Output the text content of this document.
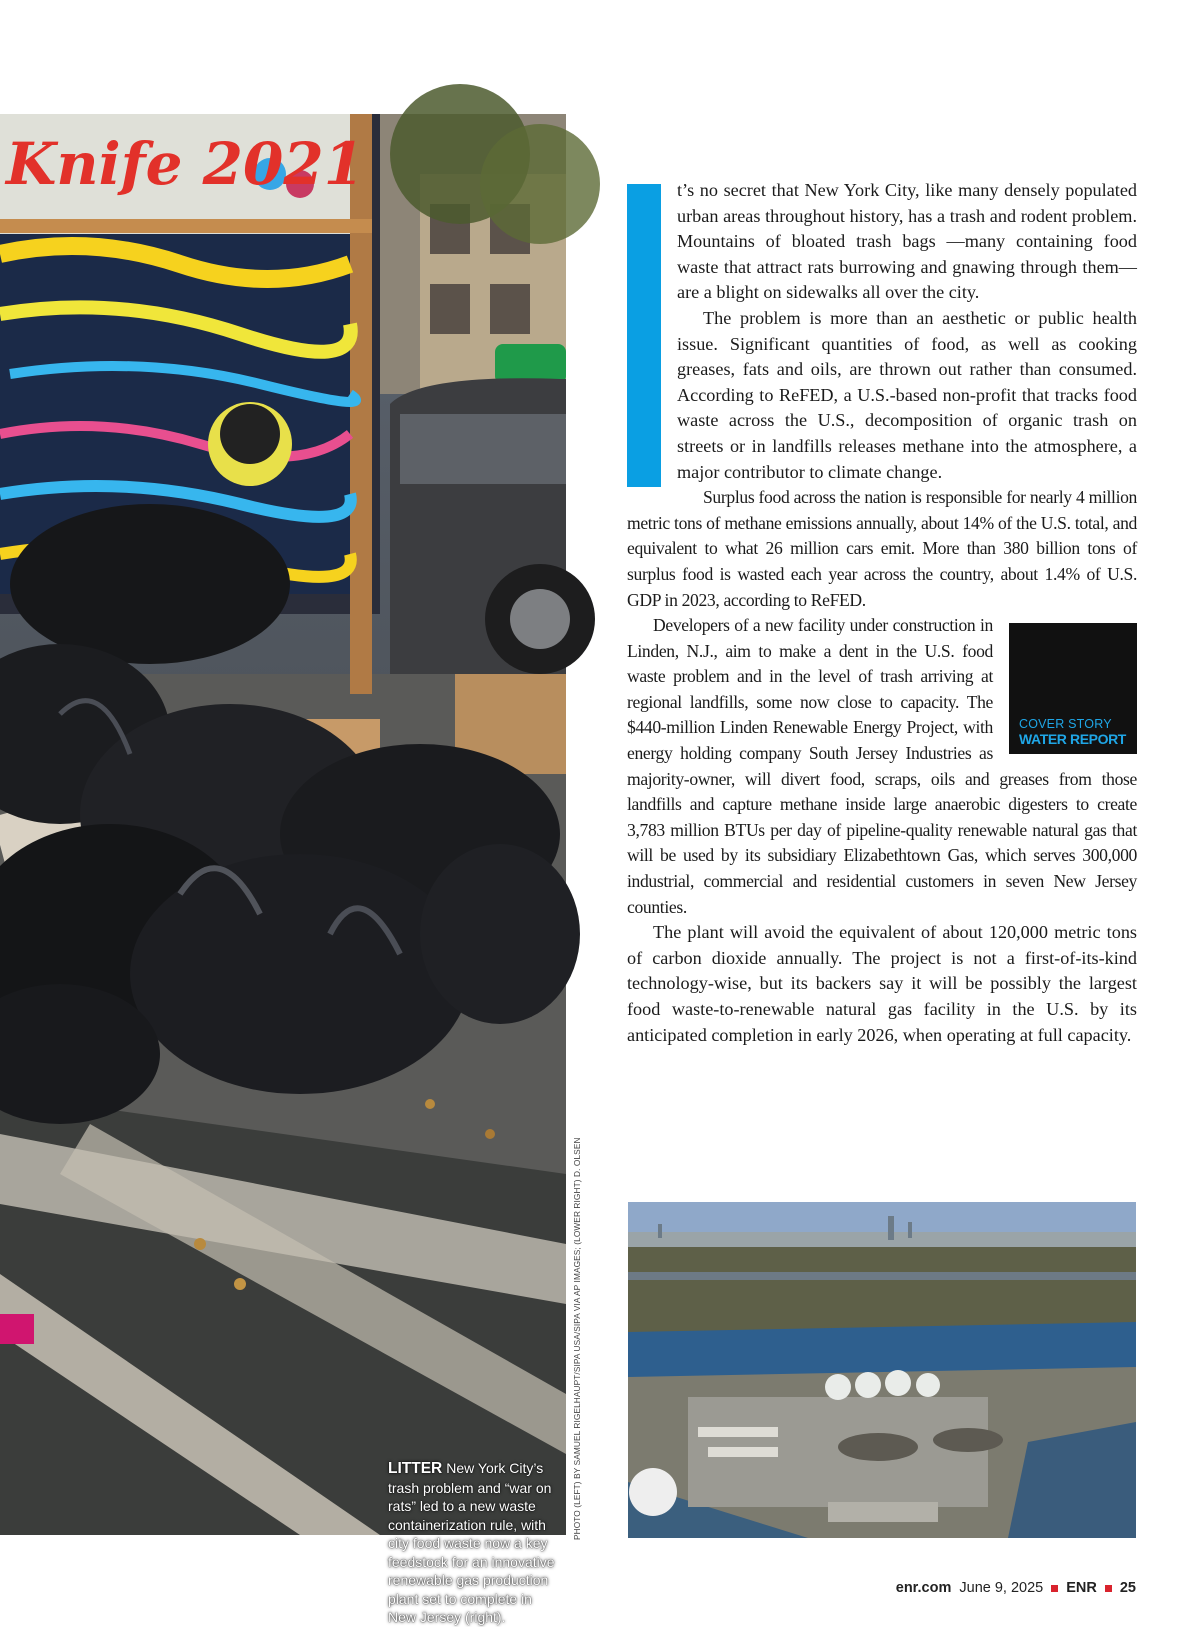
Knife 2021
LITTER New York City’s trash problem and “war on rats” led to a new waste containerization rule, with city food waste now a key feedstock for an innovative renewable gas production plant set to complete in New Jersey (right).
PHOTO (LEFT) BY SAMUEL RIGELHAUPT/SIPA USA/SIPA VIA AP IMAGES; (LOWER RIGHT) D. OLSEN

t’s no secret that New York City, like many densely populated urban areas throughout history, has a trash and rodent problem. Mountains of bloated trash bags —many containing food waste that attract rats burrowing and gnawing through them—are a blight on sidewalks all over the city.

The problem is more than an aesthetic or public health issue. Significant quantities of food, as well as cooking greases, fats and oils, are thrown out rather than consumed. According to ReFED, a U.S.-based non-profit that tracks food waste across the U.S., decomposition of organic trash on streets or in landfills releases methane into the atmosphere, a major contributor to climate change.

Surplus food across the nation is responsible for nearly 4 million metric tons of methane emissions annually, about 14% of the U.S. total, and equivalent to what 26 million cars emit. More than 380 billion tons of surplus food is wasted each year across the country, about 1.4% of U.S. GDP in 2023, according to ReFED.

COVER STORY
WATER REPORT

Developers of a new facility under construction in Linden, N.J., aim to make a dent in the U.S. food waste problem and in the level of trash arriving at regional landfills, some now close to capacity. The $440-million Linden Renewable Energy Project, with energy holding company South Jersey Industries as majority-owner, will divert food, scraps, oils and greases from those landfills and capture methane inside large anaerobic digesters to create 3,783 million BTUs per day of pipeline-quality renewable natural gas that will be used by its subsidiary Elizabethtown Gas, which serves 300,000 industrial, commercial and residential customers in seven New Jersey counties.

The plant will avoid the equivalent of about 120,000 metric tons of carbon dioxide annually. The project is not a first-of-its-kind technology-wise, but its backers say it will be possibly the largest food waste-to-renewable natural gas facility in the U.S. by its anticipated completion in early 2026, when operating at full capacity.

enr.com June 9, 2025 ENR 25
